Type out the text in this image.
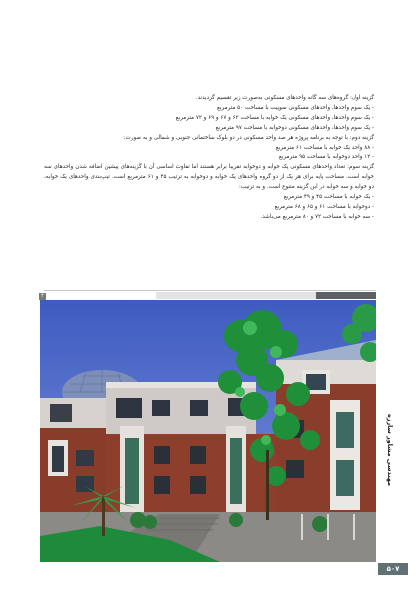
گزینه اول: گروه‌های سه گانه واحدهای مسکونی به‌صورت زیر تقسیم گردیدند.

- یک سوم واحدها، واحدهای مسکونی سوییت با مساحت ۵۰ مترمربع

- یک سوم واحدها، واحدهای مسکونی یک خوابه با مساحت ۶۲ و ۶۷ و ۶۹ و ۷۲ مترمربع

- یک سوم واحدها، واحدهای مسکونی دوخوابه با مساحت ۹۷ مترمربع

گزینه دوم: با توجه به برنامه پروژه هر صد واحد مسکونی در دو بلوک ساختمانی جنوبی و شمالی و به صورت:

- ۸۸ واحد یک خوابه با مساحت ۶۱ مترمربع

- ۱۲ واحد دوخوابه با مساحت ۹۵ مترمربع

گزینه سوم: تعداد واحدهای مسکونی یک خوابه و دوخوابه تقریبا برابر هستند اما تفاوت اساسی آن با گزینه‌های پیشین اضافه شدن واحدهای سه خوابه است. مساحت پایه برای هر یک از دو گروه واحدهای یک خوابه و دوخوابه به ترتیب ۴۵ و ۶۱ مترمربع است. تیپ‌بندی واحدهای یک خوابه، دو خوابه و سه خوابه در این گزینه متنوع است. و به ترتیب:

- یک خوابه با مساحت ۴۵ و ۴۹ مترمربع

- دوخوابه با مساحت ۶۱ و ۶۵ و ۶۸ مترمربع

- سه خوابه با مساحت ۷۲ و ۸۰ مترمربع می‌باشد.

۴
مهندسی مشاور ساززه
۵۰۷
